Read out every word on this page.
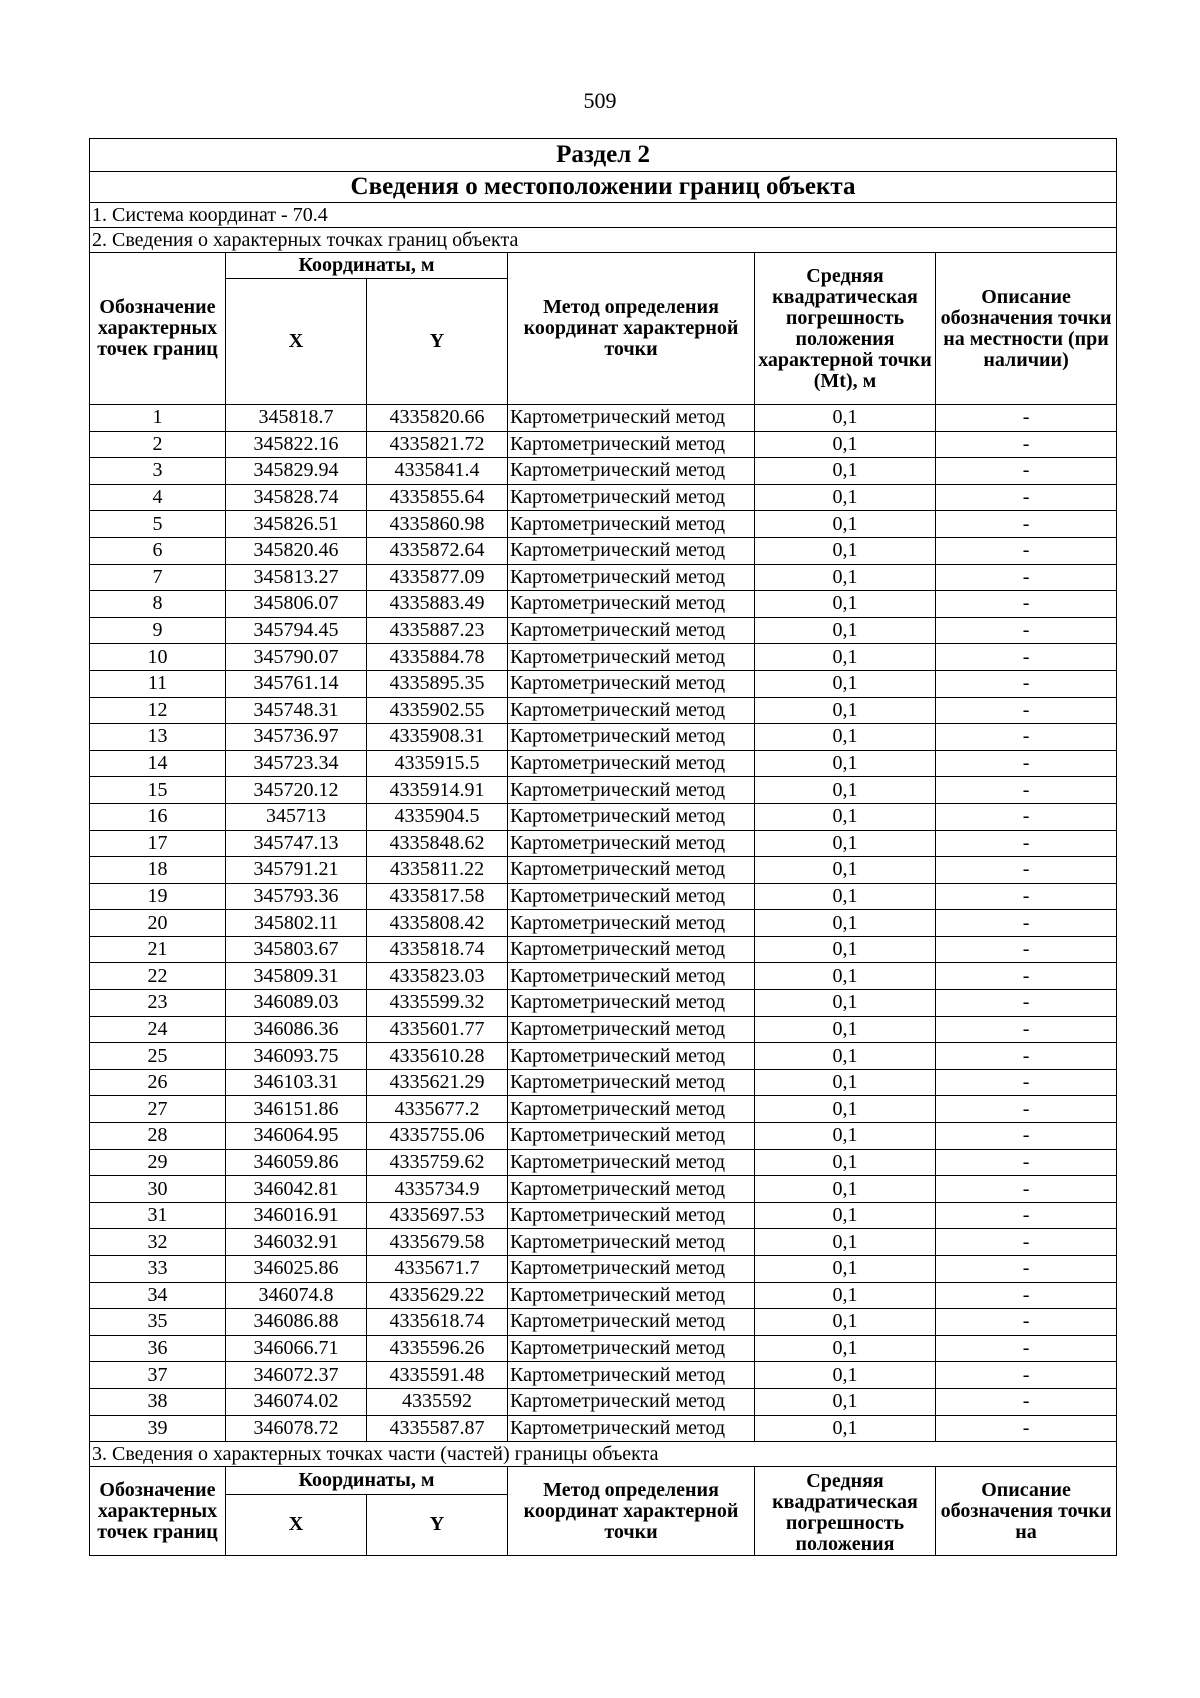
509
Раздел 2					
Сведения о местоположении границ объекта					
1. Система координат - 70.4					
2. Сведения о характерных точках границ объекта					
Обозначение характерных точек границ	Координаты, м		Метод определения координат характерной точки	Средняя квадратическая погрешность положения характерной точки (Мt), м	Описание обозначения точки на местности (при наличии)
	X	Y			
1	345818.7	4335820.66	Картометрический метод	0,1	-
2	345822.16	4335821.72	Картометрический метод	0,1	-
3	345829.94	4335841.4	Картометрический метод	0,1	-
4	345828.74	4335855.64	Картометрический метод	0,1	-
5	345826.51	4335860.98	Картометрический метод	0,1	-
6	345820.46	4335872.64	Картометрический метод	0,1	-
7	345813.27	4335877.09	Картометрический метод	0,1	-
8	345806.07	4335883.49	Картометрический метод	0,1	-
9	345794.45	4335887.23	Картометрический метод	0,1	-
10	345790.07	4335884.78	Картометрический метод	0,1	-
11	345761.14	4335895.35	Картометрический метод	0,1	-
12	345748.31	4335902.55	Картометрический метод	0,1	-
13	345736.97	4335908.31	Картометрический метод	0,1	-
14	345723.34	4335915.5	Картометрический метод	0,1	-
15	345720.12	4335914.91	Картометрический метод	0,1	-
16	345713	4335904.5	Картометрический метод	0,1	-
17	345747.13	4335848.62	Картометрический метод	0,1	-
18	345791.21	4335811.22	Картометрический метод	0,1	-
19	345793.36	4335817.58	Картометрический метод	0,1	-
20	345802.11	4335808.42	Картометрический метод	0,1	-
21	345803.67	4335818.74	Картометрический метод	0,1	-
22	345809.31	4335823.03	Картометрический метод	0,1	-
23	346089.03	4335599.32	Картометрический метод	0,1	-
24	346086.36	4335601.77	Картометрический метод	0,1	-
25	346093.75	4335610.28	Картометрический метод	0,1	-
26	346103.31	4335621.29	Картометрический метод	0,1	-
27	346151.86	4335677.2	Картометрический метод	0,1	-
28	346064.95	4335755.06	Картометрический метод	0,1	-
29	346059.86	4335759.62	Картометрический метод	0,1	-
30	346042.81	4335734.9	Картометрический метод	0,1	-
31	346016.91	4335697.53	Картометрический метод	0,1	-
32	346032.91	4335679.58	Картометрический метод	0,1	-
33	346025.86	4335671.7	Картометрический метод	0,1	-
34	346074.8	4335629.22	Картометрический метод	0,1	-
35	346086.88	4335618.74	Картометрический метод	0,1	-
36	346066.71	4335596.26	Картометрический метод	0,1	-
37	346072.37	4335591.48	Картометрический метод	0,1	-
38	346074.02	4335592	Картометрический метод	0,1	-
39	346078.72	4335587.87	Картометрический метод	0,1	-
3. Сведения о характерных точках части (частей) границы объекта					
Обозначение характерных точек границ	Координаты, м		Метод определения координат характерной точки	Средняя квадратическая погрешность положения	Описание обозначения точки на
	X	Y			
